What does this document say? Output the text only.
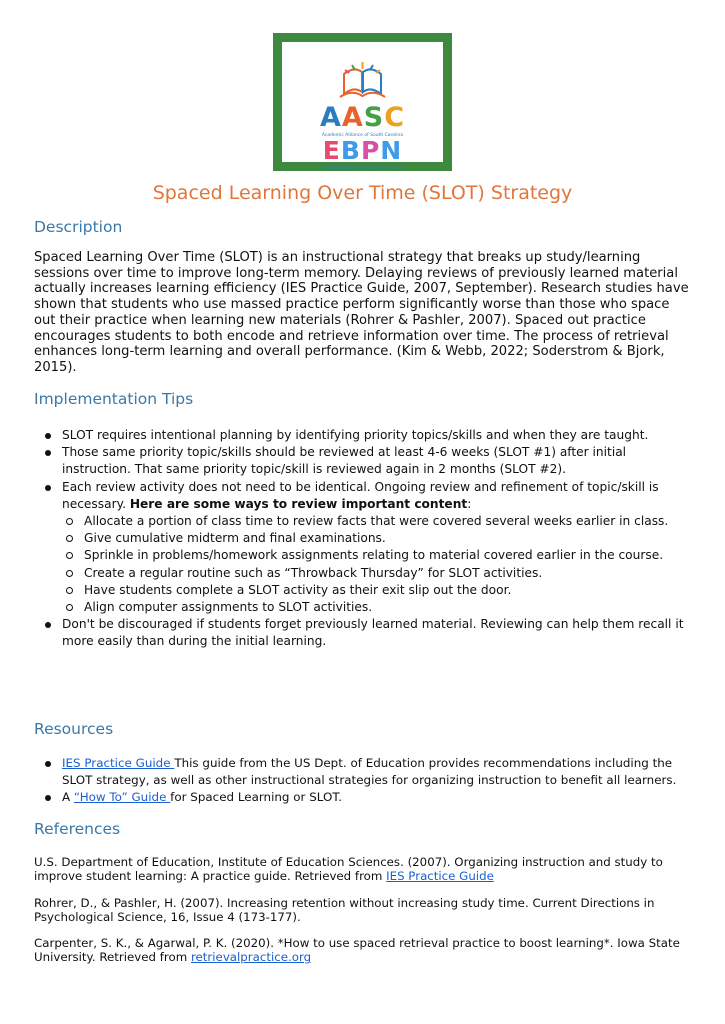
AASC
Academic Alliance of South Carolina
EBPN
Evidence-Based Practices Network
Spaced Learning Over Time (SLOT) Strategy
Description

Spaced Learning Over Time (SLOT) is an instructional strategy that breaks up study/learning sessions over time to improve long-term memory. Delaying reviews of previously learned material actually increases learning efficiency (IES Practice Guide, 2007, September). Research studies have shown that students who use massed practice perform significantly worse than those who space out their practice when learning new materials (Rohrer & Pashler, 2007). Spaced out practice encourages students to both encode and retrieve information over time. The process of retrieval enhances long-term learning and overall performance. (Kim & Webb, 2022; Soderstrom & Bjork, 2015).

Implementation Tips
SLOT requires intentional planning by identifying priority topics/skills and when they are taught.
Those same priority topic/skills should be reviewed at least 4-6 weeks (SLOT #1) after initial instruction. That same priority topic/skill is reviewed again in 2 months (SLOT #2).
Each review activity does not need to be identical. Ongoing review and refinement of topic/skill is necessary. Here are some ways to review important content:
Allocate a portion of class time to review facts that were covered several weeks earlier in class.
Give cumulative midterm and final examinations.
Sprinkle in problems/homework assignments relating to material covered earlier in the course.
Create a regular routine such as “Throwback Thursday” for SLOT activities.
Have students complete a SLOT activity as their exit slip out the door.
Align computer assignments to SLOT activities.
Don't be discouraged if students forget previously learned material. Reviewing can help them recall it more easily than during the initial learning.
Resources
IES Practice Guide This guide from the US Dept. of Education provides recommendations including the SLOT strategy, as well as other instructional strategies for organizing instruction to benefit all learners.
A “How To” Guide for Spaced Learning or SLOT.
References

U.S. Department of Education, Institute of Education Sciences. (2007). Organizing instruction and study to improve student learning: A practice guide. Retrieved from IES Practice Guide

Rohrer, D., & Pashler, H. (2007). Increasing retention without increasing study time. Current Directions in Psychological Science, 16, Issue 4 (173-177).

Carpenter, S. K., & Agarwal, P. K. (2020). *How to use spaced retrieval practice to boost learning*. Iowa State University. Retrieved from retrievalpractice.org
